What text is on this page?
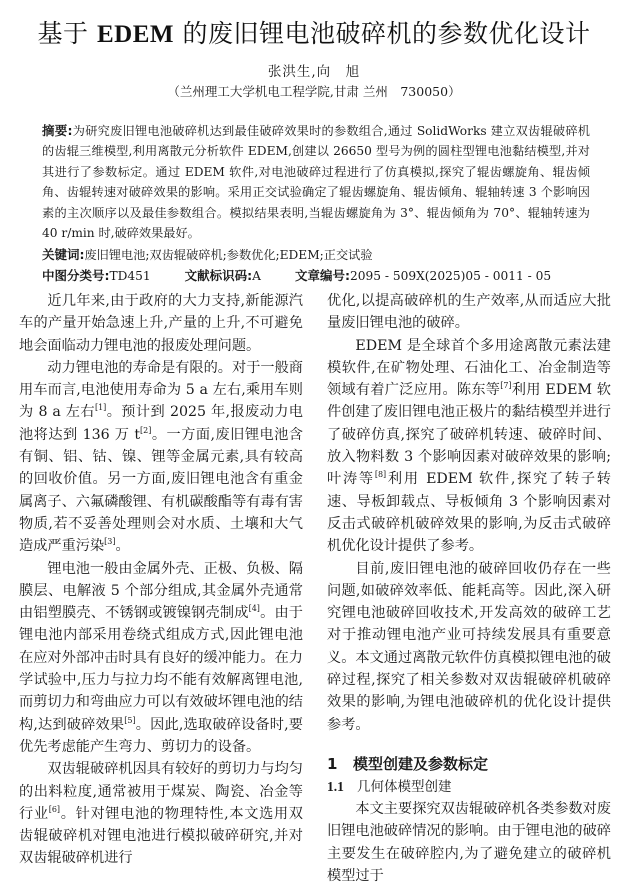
基于 EDEM 的废旧锂电池破碎机的参数优化设计
张洪生,向　旭
（兰州理工大学机电工程学院,甘肃 兰州　730050）
摘要:为研究废旧锂电池破碎机达到最佳破碎效果时的参数组合,通过 SolidWorks 建立双齿辊破碎机的齿辊三维模型,利用离散元分析软件 EDEM,创建以 26650 型号为例的圆柱型锂电池黏结模型,并对其进行了参数标定。通过 EDEM 软件,对电池破碎过程进行了仿真模拟,探究了辊齿螺旋角、辊齿倾角、齿辊转速对破碎效果的影响。采用正交试验确定了辊齿螺旋角、辊齿倾角、辊轴转速 3 个影响因素的主次顺序以及最佳参数组合。模拟结果表明,当辊齿螺旋角为 3°、辊齿倾角为 70°、辊轴转速为 40 r/min 时,破碎效果最好。
关键词:废旧锂电池;双齿辊破碎机;参数优化;EDEM;正交试验
中图分类号:TD451	文献标识码:A	文章编号:2095 - 509X(2025)05 - 0011 - 05

近几年来,由于政府的大力支持,新能源汽车的产量开始急速上升,产量的上升,不可避免地会面临动力锂电池的报废处理问题。

动力锂电池的寿命是有限的。对于一般商用车而言,电池使用寿命为 5 a 左右,乘用车则为 8 a 左右[1]。预计到 2025 年,报废动力电池将达到 136 万 t[2]。一方面,废旧锂电池含有铜、铝、钴、镍、锂等金属元素,具有较高的回收价值。另一方面,废旧锂电池含有重金属离子、六氟磷酸锂、有机碳酸酯等有毒有害物质,若不妥善处理则会对水质、土壤和大气造成严重污染[3]。

锂电池一般由金属外壳、正极、负极、隔膜层、电解液 5 个部分组成,其金属外壳通常由铝塑膜壳、不锈钢或镀镍钢壳制成[4]。由于锂电池内部采用卷绕式组成方式,因此锂电池在应对外部冲击时具有良好的缓冲能力。在力学试验中,压力与拉力均不能有效解离锂电池,而剪切力和弯曲应力可以有效破坏锂电池的结构,达到破碎效果[5]。因此,选取破碎设备时,要优先考虑能产生弯力、剪切力的设备。

双齿辊破碎机因具有较好的剪切力与均匀的出料粒度,通常被用于煤炭、陶瓷、冶金等行业[6]。针对锂电池的物理特性,本文选用双齿辊破碎机对锂电池进行模拟破碎研究,并对双齿辊破碎机进行

优化,以提高破碎机的生产效率,从而适应大批量废旧锂电池的破碎。

EDEM 是全球首个多用途离散元素法建模软件,在矿物处理、石油化工、冶金制造等领域有着广泛应用。陈东等[7]利用 EDEM 软件创建了废旧锂电池正极片的黏结模型并进行了破碎仿真,探究了破碎机转速、破碎时间、放入物料数 3 个影响因素对破碎效果的影响;叶涛等[8]利用 EDEM 软件,探究了转子转速、导板卸载点、导板倾角 3 个影响因素对反击式破碎机破碎效果的影响,为反击式破碎机优化设计提供了参考。

目前,废旧锂电池的破碎回收仍存在一些问题,如破碎效率低、能耗高等。因此,深入研究锂电池破碎回收技术,开发高效的破碎工艺对于推动锂电池产业可持续发展具有重要意义。本文通过离散元软件仿真模拟锂电池的破碎过程,探究了相关参数对双齿辊破碎机破碎效果的影响,为锂电池破碎机的优化设计提供参考。

1 模型创建及参数标定
1.1 几何体模型创建

本文主要探究双齿辊破碎机各类参数对废旧锂电池破碎情况的影响。由于锂电池的破碎主要发生在破碎腔内,为了避免建立的破碎机模型过于
